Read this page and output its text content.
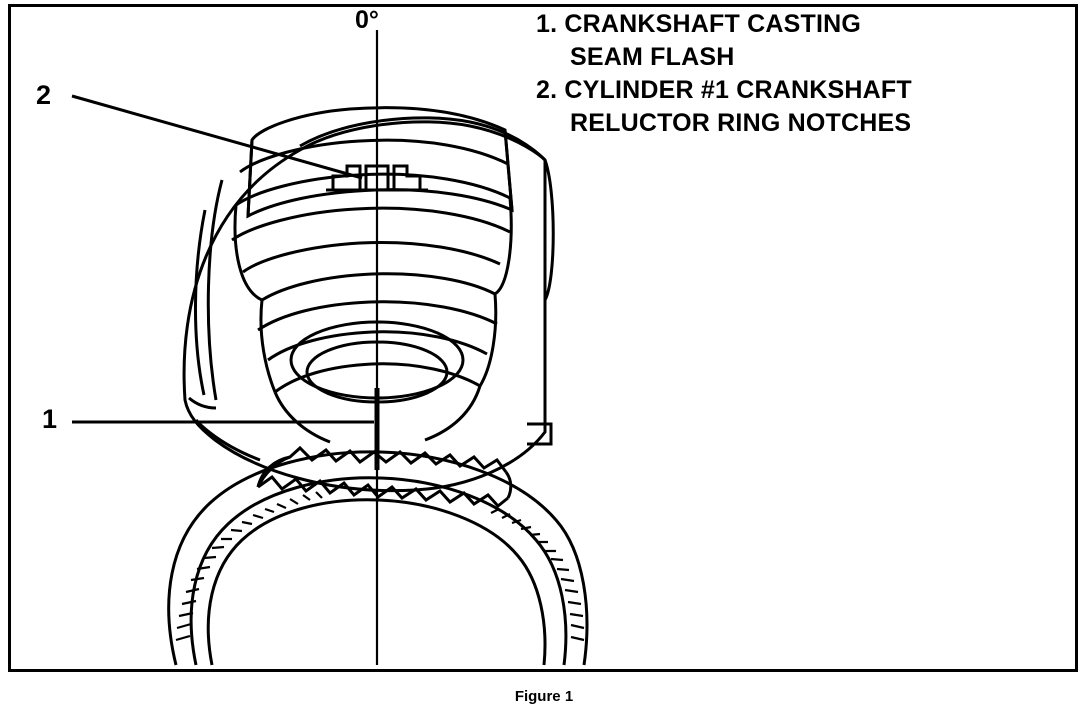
0°
2
1
1. CRANKSHAFT CASTING
SEAM FLASH
2. CYLINDER #1 CRANKSHAFT
RELUCTOR RING NOTCHES
Figure 1
